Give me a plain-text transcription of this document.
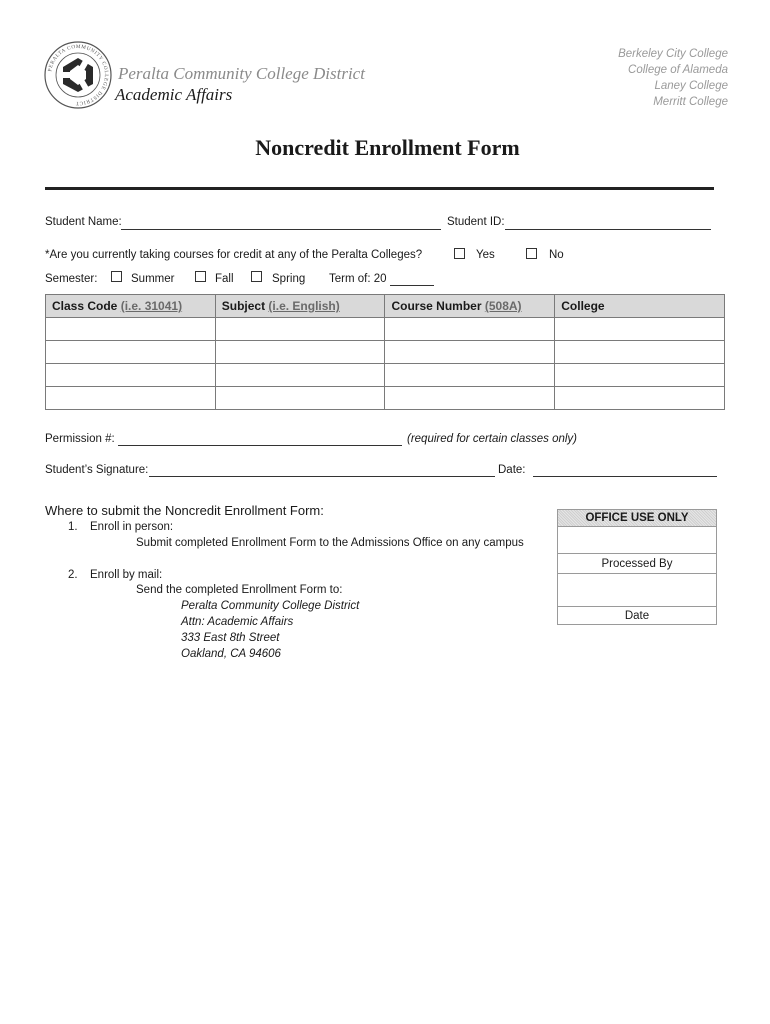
PERALTA COMMUNITY COLLEGE DISTRICT
Peralta Community College District
Academic Affairs
Berkeley City College
College of Alameda
Laney College
Merritt College
Noncredit Enrollment Form
Student Name:	Student ID:
*Are you currently taking courses for credit at any of the Peralta Colleges?	Yes	No
Semester:	Summer	Fall	Spring Term of: 20
Class Code (i.e. 31041)	Subject (i.e. English)	Course Number (508A)	College

Permission #:	(required for certain classes only)
Student’s Signature:	Date:
Where to submit the Noncredit Enrollment Form:
1. Enroll in person:
Submit completed Enrollment Form to the Admissions Office on any campus
2. Enroll by mail:
Send the completed Enrollment Form to:
Peralta Community College District
Attn: Academic Affairs
333 East 8th Street
Oakland, CA 94606
OFFICE USE ONLY
Processed By
Date
